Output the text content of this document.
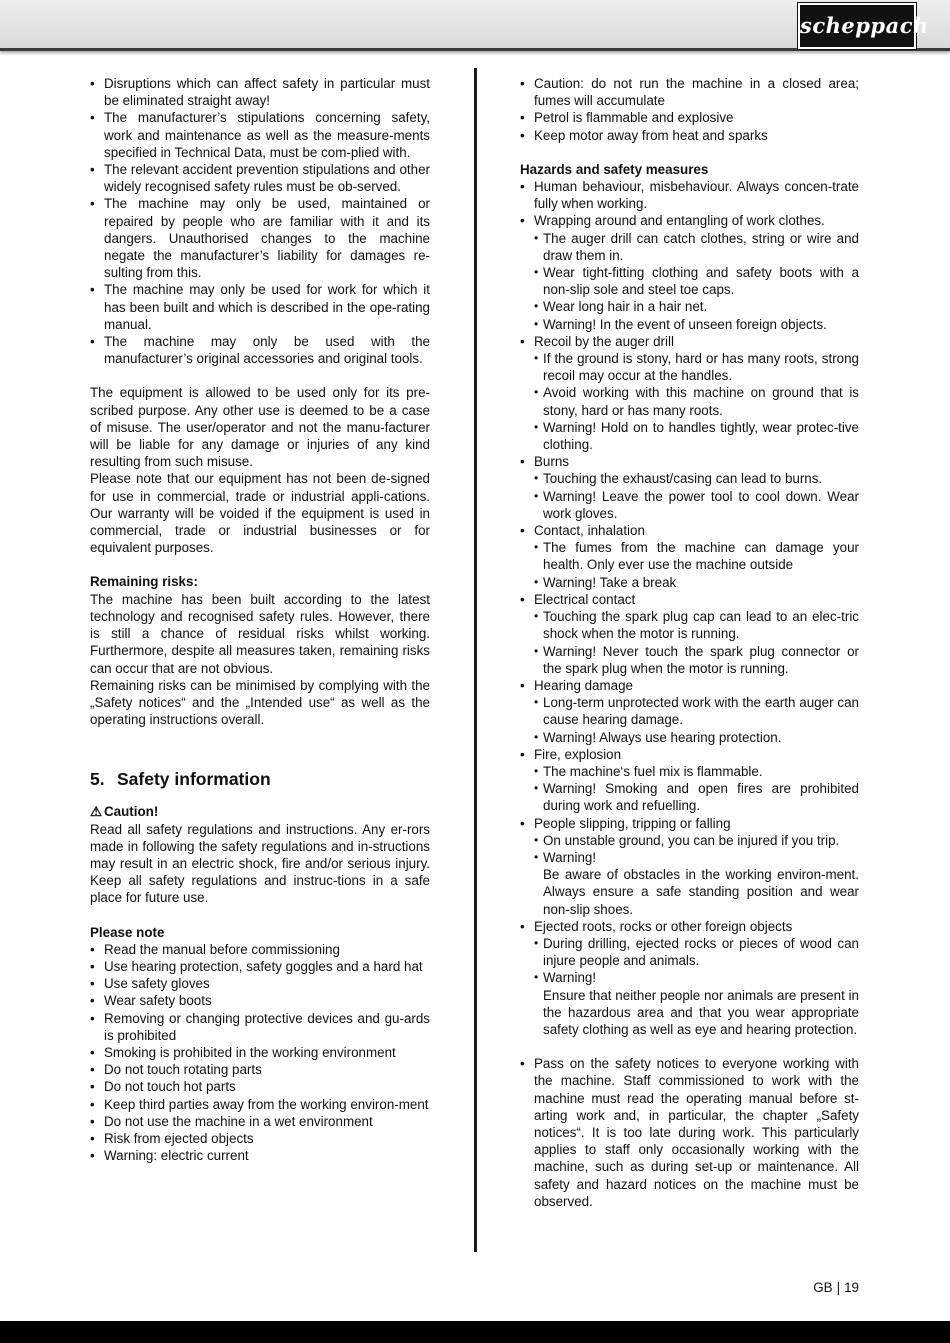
scheppach
• Disruptions which can affect safety in particular must be eliminated straight away!
• The manufacturer’s stipulations concerning safety, work and maintenance as well as the measure-ments specified in Technical Data, must be com-plied with.
• The relevant accident prevention stipulations and other widely recognised safety rules must be ob-served.
• The machine may only be used, maintained or repaired by people who are familiar with it and its dangers. Unauthorised changes to the machine negate the manufacturer’s liability for damages re-sulting from this.
• The machine may only be used for work for which it has been built and which is described in the ope-rating manual.
• The machine may only be used with the manufacturer’s original accessories and original tools.

The equipment is allowed to be used only for its pre-scribed purpose. Any other use is deemed to be a case of misuse. The user/operator and not the manu-facturer will be liable for any damage or injuries of any kind resulting from such misuse.

Please note that our equipment has not been de-signed for use in commercial, trade or industrial appli-cations. Our warranty will be voided if the equipment is used in commercial, trade or industrial businesses or for equivalent purposes.

Remaining risks:

The machine has been built according to the latest technology and recognised safety rules. However, there is still a chance of residual risks whilst working. Furthermore, despite all measures taken, remaining risks can occur that are not obvious.

Remaining risks can be minimised by complying with the „Safety notices“ and the „Intended use“ as well as the operating instructions overall.

5. Safety information

⚠ Caution!

Read all safety regulations and instructions. Any er-rors made in following the safety regulations and in-structions may result in an electric shock, fire and/or serious injury. Keep all safety regulations and instruc-tions in a safe place for future use.

Please note

• Read the manual before commissioning
• Use hearing protection, safety goggles and a hard hat
• Use safety gloves
• Wear safety boots
• Removing or changing protective devices and gu-ards is prohibited
• Smoking is prohibited in the working environment
• Do not touch rotating parts
• Do not touch hot parts
• Keep third parties away from the working environ-ment
• Do not use the machine in a wet environment
• Risk from ejected objects
• Warning: electric current
• Caution: do not run the machine in a closed area; fumes will accumulate
• Petrol is flammable and explosive
• Keep motor away from heat and sparks

Hazards and safety measures

• Human behaviour, misbehaviour. Always concen-trate fully when working.
• Wrapping around and entangling of work clothes.
• The auger drill can catch clothes, string or wire and draw them in.
• Wear tight-fitting clothing and safety boots with a non-slip sole and steel toe caps.
• Wear long hair in a hair net.
• Warning! In the event of unseen foreign objects.
• Recoil by the auger drill
• If the ground is stony, hard or has many roots, strong recoil may occur at the handles.
• Avoid working with this machine on ground that is stony, hard or has many roots.
• Warning! Hold on to handles tightly, wear protec-tive clothing.
• Burns
• Touching the exhaust/casing can lead to burns.
• Warning! Leave the power tool to cool down. Wear work gloves.
• Contact, inhalation
• The fumes from the machine can damage your health. Only ever use the machine outside
• Warning! Take a break
• Electrical contact
• Touching the spark plug cap can lead to an elec-tric shock when the motor is running.
• Warning! Never touch the spark plug connector or the spark plug when the motor is running.
• Hearing damage
• Long-term unprotected work with the earth auger can cause hearing damage.
• Warning! Always use hearing protection.
• Fire, explosion
• The machine‘s fuel mix is flammable.
• Warning! Smoking and open fires are prohibited during work and refuelling.
• People slipping, tripping or falling
• On unstable ground, you can be injured if you trip.
• Warning!
Be aware of obstacles in the working environ-ment. Always ensure a safe standing position and wear non-slip shoes.
• Ejected roots, rocks or other foreign objects
• During drilling, ejected rocks or pieces of wood can injure people and animals.
• Warning!
Ensure that neither people nor animals are present in the hazardous area and that you wear appropriate safety clothing as well as eye and hearing protection.
• Pass on the safety notices to everyone working with the machine. Staff commissioned to work with the machine must read the operating manual before st-arting work and, in particular, the chapter „Safety notices“. It is too late during work. This particularly applies to staff only occasionally working with the machine, such as during set-up or maintenance. All safety and hazard notices on the machine must be observed.
GB | 19
